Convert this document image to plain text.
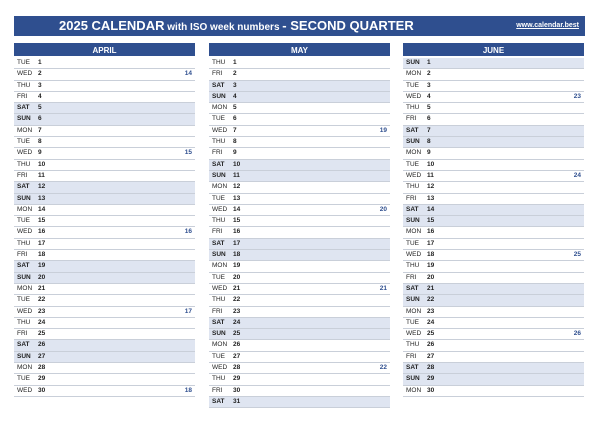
2025 CALENDAR with ISO week numbers - SECOND QUARTER	www.calendar.best
APRIL
TUE 1
WED 2	14
THU 3
FRI 4
SAT 5
SUN 6
MON 7
TUE 8
WED 9	15
THU 10
FRI 11
SAT 12
SUN 13
MON 14
TUE 15
WED 16	16
THU 17
FRI 18
SAT 19
SUN 20
MON 21
TUE 22
WED 23	17
THU 24
FRI 25
SAT 26
SUN 27
MON 28
TUE 29
WED 30	18
MAY
THU 1
FRI 2
SAT 3
SUN 4
MON 5
TUE 6
WED 7	19
THU 8
FRI 9
SAT 10
SUN 11
MON 12
TUE 13
WED 14	20
THU 15
FRI 16
SAT 17
SUN 18
MON 19
TUE 20
WED 21	21
THU 22
FRI 23
SAT 24
SUN 25
MON 26
TUE 27
WED 28	22
THU 29
FRI 30
SAT 31
JUNE
SUN 1
MON 2
TUE 3
WED 4	23
THU 5
FRI 6
SAT 7
SUN 8
MON 9
TUE 10
WED 11	24
THU 12
FRI 13
SAT 14
SUN 15
MON 16
TUE 17
WED 18	25
THU 19
FRI 20
SAT 21
SUN 22
MON 23
TUE 24
WED 25	26
THU 26
FRI 27
SAT 28
SUN 29
MON 30
